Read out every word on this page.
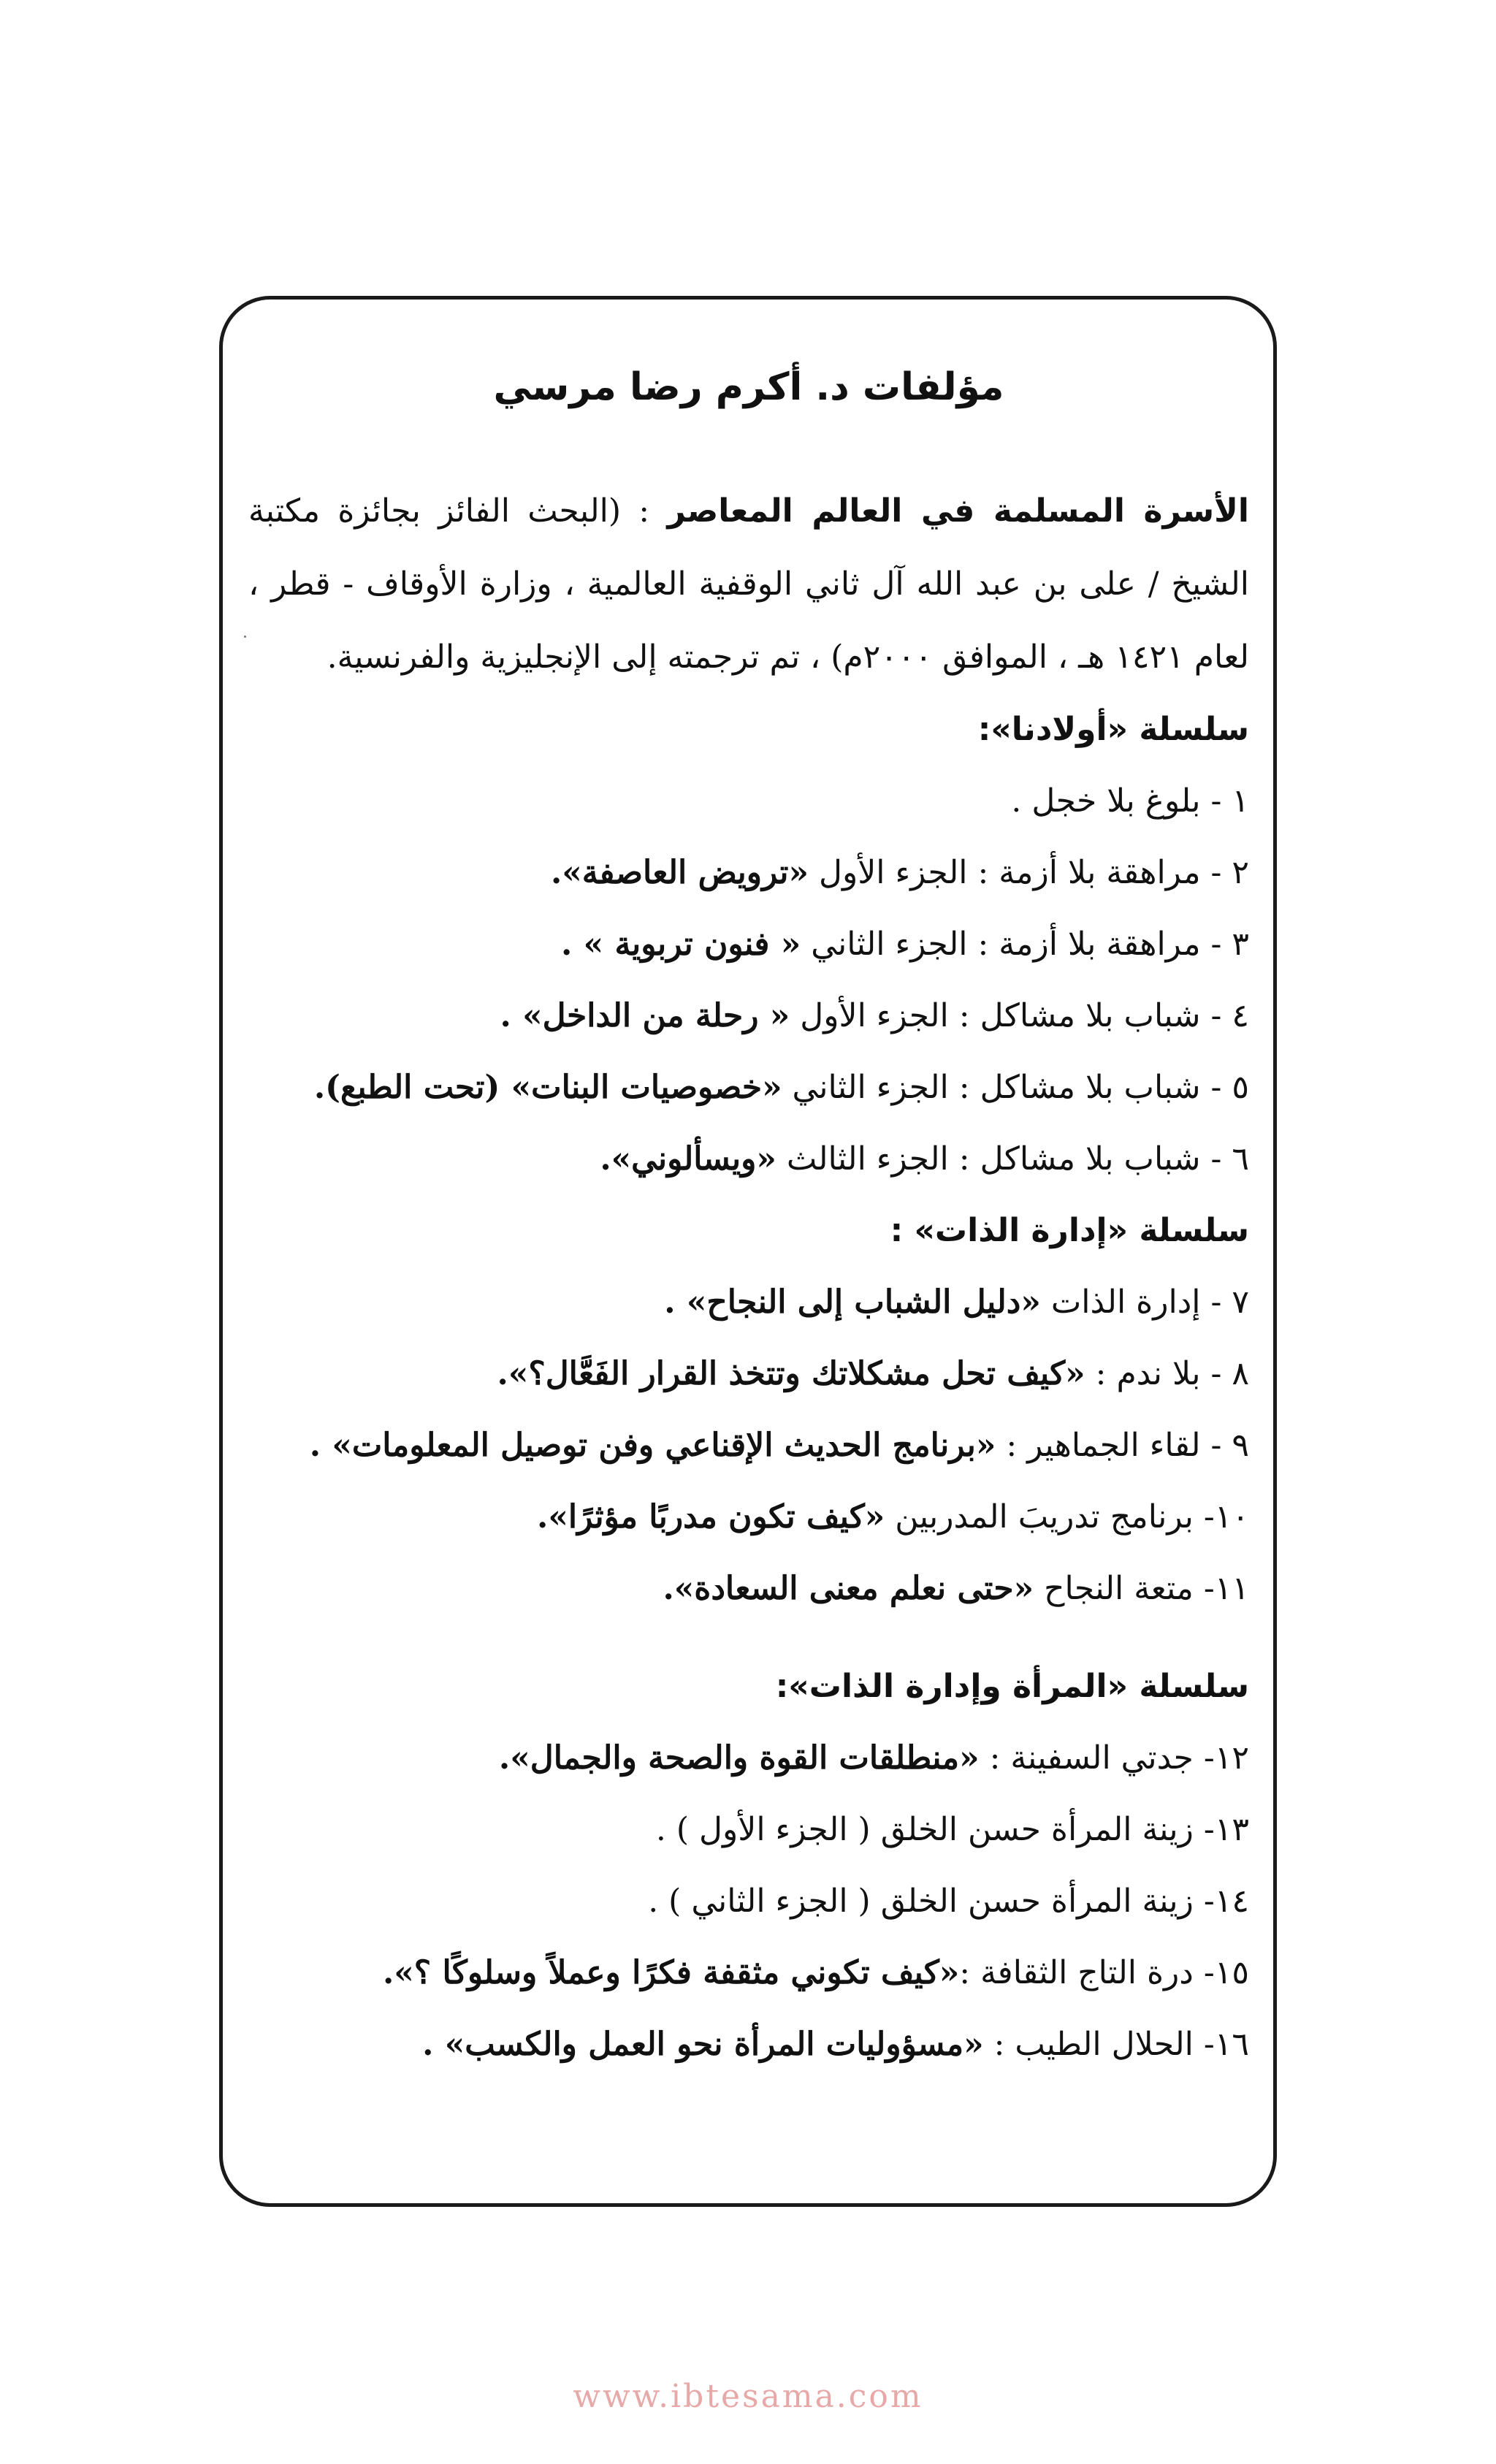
مؤلفات د. أكرم رضا مرسي

الأسرة المسلمة في العالم المعاصر : (البحث الفائز بجائزة مكتبة الشيخ / على بن عبد الله آل ثاني الوقفية العالمية ، وزارة الأوقاف - قطر ، لعام ١٤٢١ هـ ، الموافق ٢٠٠٠م) ، تم ترجمته إلى الإنجليزية والفرنسية.

سلسلة «أولادنا»:
١ - بلوغ بلا خجل .
٢ - مراهقة بلا أزمة : الجزء الأول «ترويض العاصفة».
٣ - مراهقة بلا أزمة : الجزء الثاني « فنون تربوية » .
٤ - شباب بلا مشاكل : الجزء الأول « رحلة من الداخل» .
٥ - شباب بلا مشاكل : الجزء الثاني «خصوصيات البنات» (تحت الطبع).
٦ - شباب بلا مشاكل : الجزء الثالث «ويسألوني».
سلسلة «إدارة الذات» :
٧ - إدارة الذات «دليل الشباب إلى النجاح» .
٨ - بلا ندم : «كيف تحل مشكلاتك وتتخذ القرار الفَعَّال؟».
٩ - لقاء الجماهير : «برنامج الحديث الإقناعي وفن توصيل المعلومات» .
١٠- برنامج تدريبَ المدربين «كيف تكون مدربًا مؤثرًا».
١١- متعة النجاح «حتى نعلم معنى السعادة».
سلسلة «المرأة وإدارة الذات»:
١٢- جدتي السفينة : «منطلقات القوة والصحة والجمال».
١٣- زينة المرأة حسن الخلق ( الجزء الأول ) .
١٤- زينة المرأة حسن الخلق ( الجزء الثاني ) .
١٥- درة التاج الثقافة :«كيف تكوني مثقفة فكرًا وعملاً وسلوكًا ؟».
١٦- الحلال الطيب : «مسؤوليات المرأة نحو العمل والكسب» .
www.ibtesama.com
